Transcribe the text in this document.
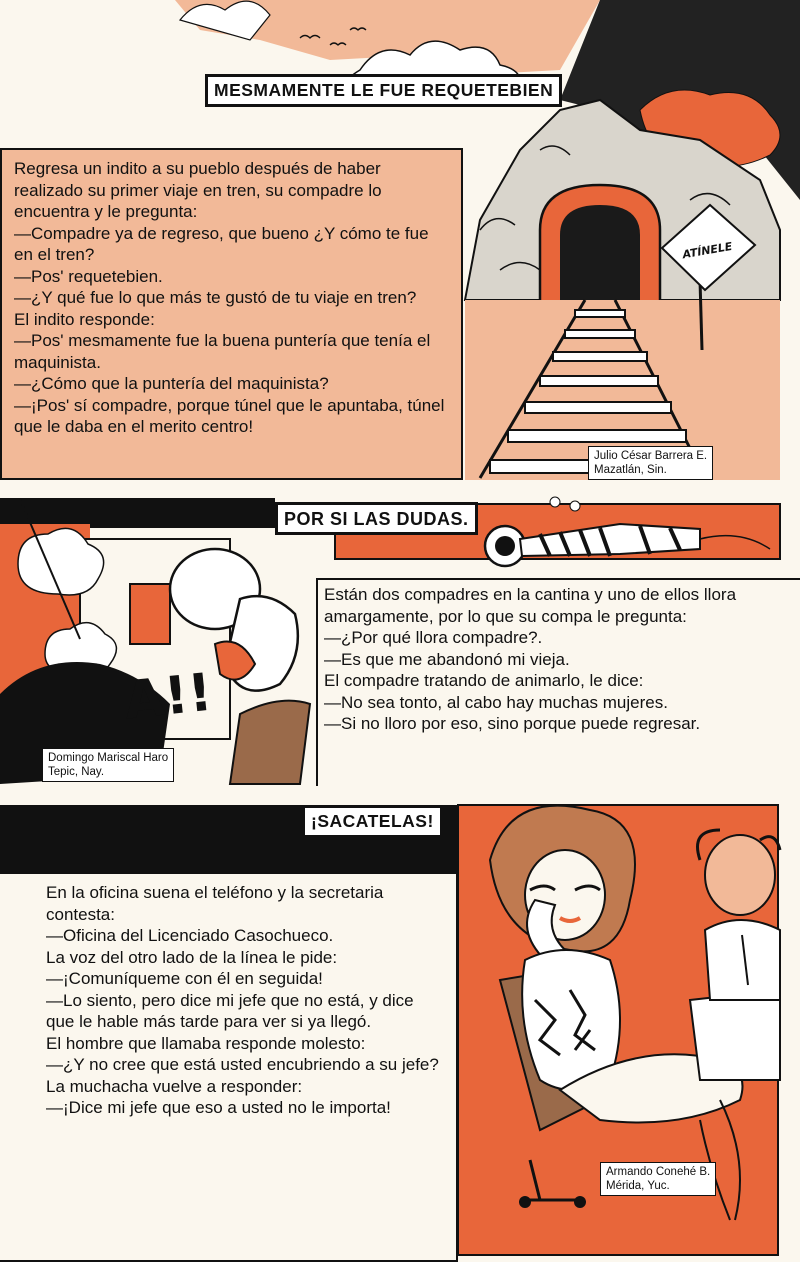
ATÍNELE
MESMAMENTE LE FUE REQUETEBIEN

Regresa un indito a su pueblo después de haber realizado su primer viaje en tren, su compadre lo encuentra y le pregunta:

—Compadre ya de regreso, que bueno ¿Y cómo te fue en el tren?

—Pos' requetebien.

—¿Y qué fue lo que más te gustó de tu viaje en tren?

El indito responde:

—Pos' mesmamente fue la buena puntería que tenía el maquinista.

—¿Cómo que la puntería del maquinista?

—¡Pos' sí compadre, porque túnel que le apuntaba, túnel que le daba en el merito centro!

Julio César Barrera E.
Mazatlán, Sin.
A!!
POR SI LAS DUDAS.

Están dos compadres en la cantina y uno de ellos llora amargamente, por lo que su compa le pregunta:

—¿Por qué llora compadre?.

—Es que me abandonó mi vieja.

El compadre tratando de animarlo, le dice:

—No sea tonto, al cabo hay muchas mujeres.

—Si no lloro por eso, sino porque puede regresar.

Domingo Mariscal Haro
Tepic, Nay.
¡SACATELAS!

En la oficina suena el teléfono y la secretaria contesta:

—Oficina del Licenciado Casochueco.

La voz del otro lado de la línea le pide:

—¡Comuníqueme con él en seguida!

—Lo siento, pero dice mi jefe que no está, y dice que le hable más tarde para ver si ya llegó.

El hombre que llamaba responde molesto:

—¿Y no cree que está usted encubriendo a su jefe?

La muchacha vuelve a responder:

—¡Dice mi jefe que eso a usted no le importa!

Armando Conehé B.
Mérida, Yuc.
